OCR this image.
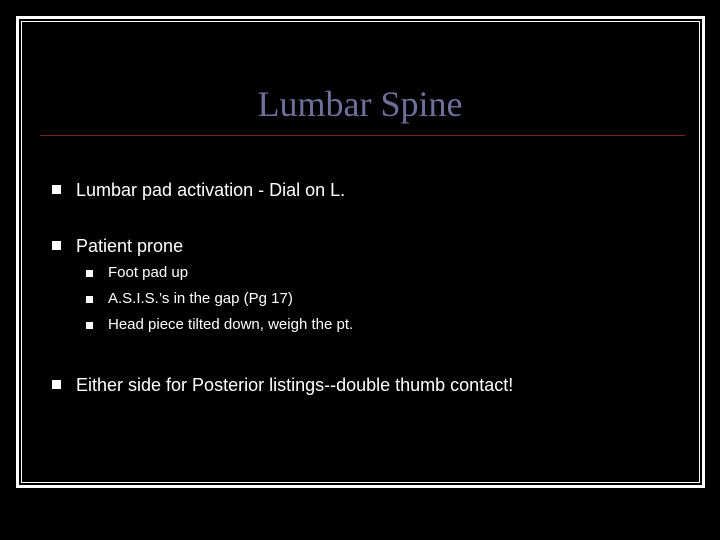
Lumbar Spine
Lumbar pad activation - Dial on L.
Patient prone
Foot pad up
A.S.I.S.’s in the gap (Pg 17)
Head piece tilted down, weigh the pt.
Either side for Posterior listings--double thumb contact!
